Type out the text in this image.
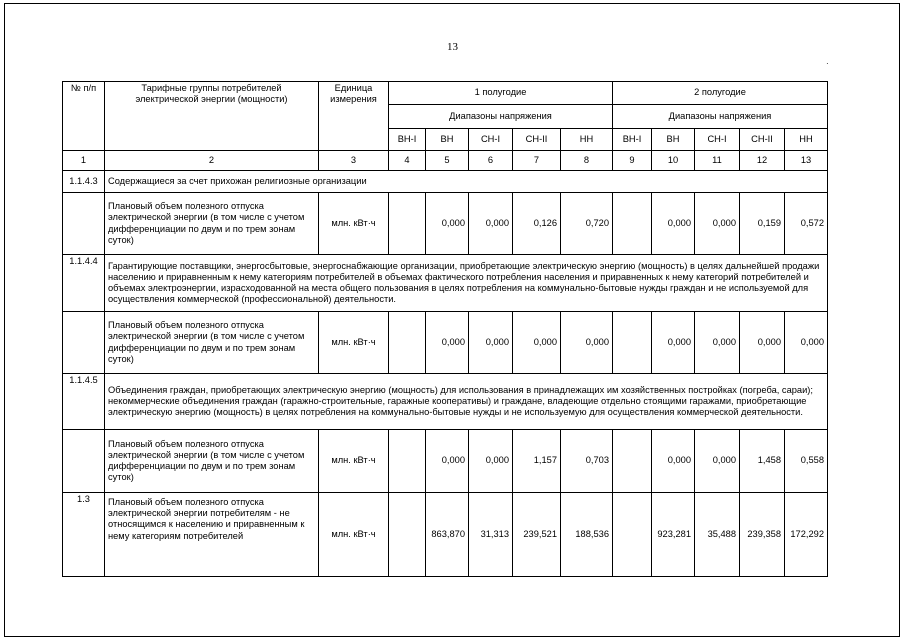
13
·
№ п/п	Тарифные группы потребителей электрической энергии (мощности)	Единица измерения	1 полугодие					2 полугодие				
			Диапазоны напряжения					Диапазоны напряжения				
			ВН-I	ВН	СН-I	СН-II	НН	ВН-I	ВН	СН-I	СН-II	НН
1	2	3	4	5	6	7	8	9	10	11	12	13
1.1.4.3	Содержащиеся за счет прихожан религиозные организации											
	Плановый объем полезного отпуска электрической энергии (в том числе с учетом дифференциации по двум и по трем зонам суток)	млн. кВт·ч		0,000	0,000	0,126	0,720		0,000	0,000	0,159	0,572
1.1.4.4	Гарантирующие поставщики, энергосбытовые, энергоснабжающие организации, приобретающие электрическую энергию (мощность) в целях дальнейшей продажи населению и приравненным к нему категориям потребителей в объемах фактического потребления населения и приравненных к нему категорий потребителей и объемах электроэнергии, израсходованной на места общего пользования в целях потребления на коммунально-бытовые нужды граждан и не используемой для осуществления коммерческой (профессиональной) деятельности.											
	Плановый объем полезного отпуска электрической энергии (в том числе с учетом дифференциации по двум и по трем зонам суток)	млн. кВт·ч		0,000	0,000	0,000	0,000		0,000	0,000	0,000	0,000
1.1.4.5	Объединения граждан, приобретающих электрическую энергию (мощность) для использования в принадлежащих им хозяйственных постройках (погреба, сараи); некоммерческие объединения граждан (гаражно-строительные, гаражные кооперативы) и граждане, владеющие отдельно стоящими гаражами, приобретающие электрическую энергию (мощность) в целях потребления на коммунально-бытовые нужды и не используемую для осуществления коммерческой деятельности.											
	Плановый объем полезного отпуска электрической энергии (в том числе с учетом дифференциации по двум и по трем зонам суток)	млн. кВт·ч		0,000	0,000	1,157	0,703		0,000	0,000	1,458	0,558
1.3	Плановый объем полезного отпуска электрической энергии потребителям - не относящимся к населению и приравненным к нему категориям потребителей	млн. кВт·ч		863,870	31,313	239,521	188,536		923,281	35,488	239,358	172,292
